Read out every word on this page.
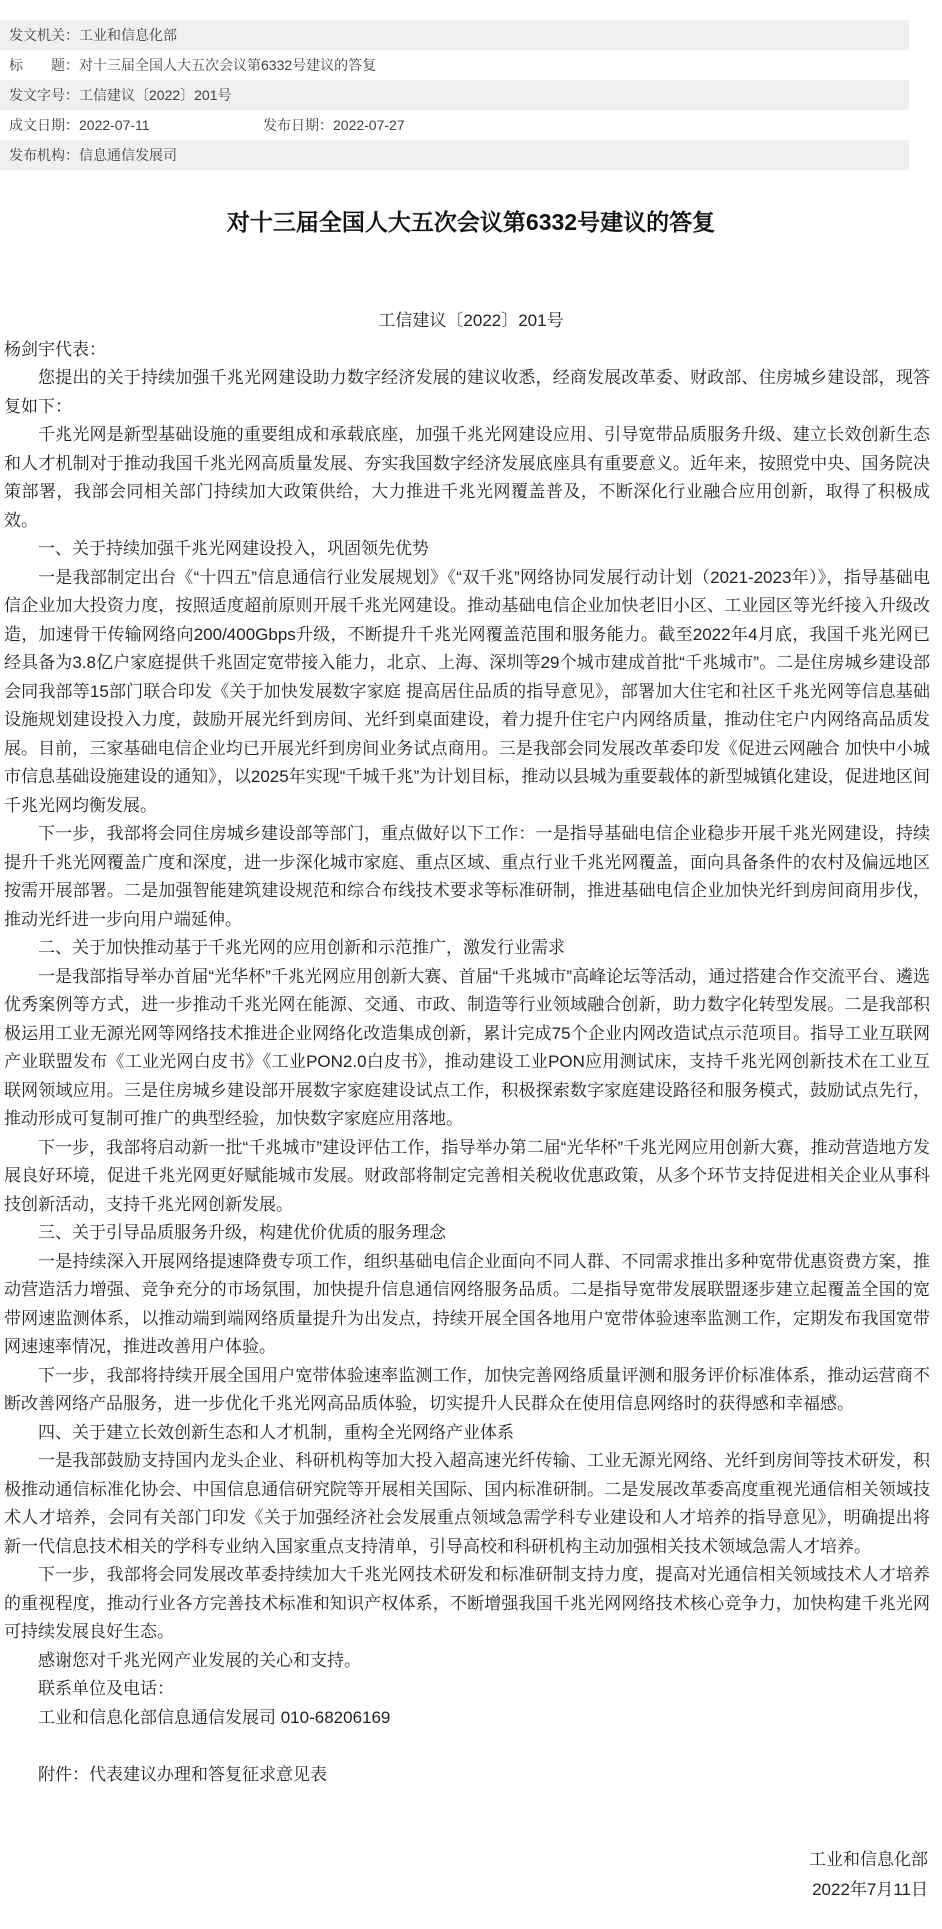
发文机关：工业和信息化部
标　　题：对十三届全国人大五次会议第6332号建议的答复
发文字号：工信建议〔2022〕201号
成文日期：2022-07-11	发布日期：2022-07-27
发布机构：信息通信发展司
对十三届全国人大五次会议第6332号建议的答复
工信建议〔2022〕201号

杨剑宇代表：

您提出的关于持续加强千兆光网建设助力数字经济发展的建议收悉，经商发展改革委、财政部、住房城乡建设部，现答复如下：

千兆光网是新型基础设施的重要组成和承载底座，加强千兆光网建设应用、引导宽带品质服务升级、建立长效创新生态和人才机制对于推动我国千兆光网高质量发展、夯实我国数字经济发展底座具有重要意义。近年来，按照党中央、国务院决策部署，我部会同相关部门持续加大政策供给，大力推进千兆光网覆盖普及，不断深化行业融合应用创新，取得了积极成效。

一、关于持续加强千兆光网建设投入，巩固领先优势

一是我部制定出台《“十四五”信息通信行业发展规划》《“双千兆”网络协同发展行动计划（2021-2023年）》，指导基础电信企业加大投资力度，按照适度超前原则开展千兆光网建设。推动基础电信企业加快老旧小区、工业园区等光纤接入升级改造，加速骨干传输网络向200/400Gbps升级，不断提升千兆光网覆盖范围和服务能力。截至2022年4月底，我国千兆光网已经具备为3.8亿户家庭提供千兆固定宽带接入能力，北京、上海、深圳等29个城市建成首批“千兆城市”。二是住房城乡建设部会同我部等15部门联合印发《关于加快发展数字家庭 提高居住品质的指导意见》，部署加大住宅和社区千兆光网等信息基础设施规划建设投入力度，鼓励开展光纤到房间、光纤到桌面建设，着力提升住宅户内网络质量，推动住宅户内网络高品质发展。目前，三家基础电信企业均已开展光纤到房间业务试点商用。三是我部会同发展改革委印发《促进云网融合 加快中小城市信息基础设施建设的通知》，以2025年实现“千城千兆”为计划目标，推动以县城为重要载体的新型城镇化建设，促进地区间千兆光网均衡发展。

下一步，我部将会同住房城乡建设部等部门，重点做好以下工作：一是指导基础电信企业稳步开展千兆光网建设，持续提升千兆光网覆盖广度和深度，进一步深化城市家庭、重点区域、重点行业千兆光网覆盖，面向具备条件的农村及偏远地区按需开展部署。二是加强智能建筑建设规范和综合布线技术要求等标准研制，推进基础电信企业加快光纤到房间商用步伐，推动光纤进一步向用户端延伸。

二、关于加快推动基于千兆光网的应用创新和示范推广，激发行业需求

一是我部指导举办首届“光华杯”千兆光网应用创新大赛、首届“千兆城市”高峰论坛等活动，通过搭建合作交流平台、遴选优秀案例等方式，进一步推动千兆光网在能源、交通、市政、制造等行业领域融合创新，助力数字化转型发展。二是我部积极运用工业无源光网等网络技术推进企业网络化改造集成创新，累计完成75个企业内网改造试点示范项目。指导工业互联网产业联盟发布《工业光网白皮书》《工业PON2.0白皮书》，推动建设工业PON应用测试床，支持千兆光网创新技术在工业互联网领域应用。三是住房城乡建设部开展数字家庭建设试点工作，积极探索数字家庭建设路径和服务模式，鼓励试点先行，推动形成可复制可推广的典型经验，加快数字家庭应用落地。

下一步，我部将启动新一批“千兆城市”建设评估工作，指导举办第二届“光华杯”千兆光网应用创新大赛，推动营造地方发展良好环境，促进千兆光网更好赋能城市发展。财政部将制定完善相关税收优惠政策，从多个环节支持促进相关企业从事科技创新活动，支持千兆光网创新发展。

三、关于引导品质服务升级，构建优价优质的服务理念

一是持续深入开展网络提速降费专项工作，组织基础电信企业面向不同人群、不同需求推出多种宽带优惠资费方案，推动营造活力增强、竞争充分的市场氛围，加快提升信息通信网络服务品质。二是指导宽带发展联盟逐步建立起覆盖全国的宽带网速监测体系，以推动端到端网络质量提升为出发点，持续开展全国各地用户宽带体验速率监测工作，定期发布我国宽带网速速率情况，推进改善用户体验。

下一步，我部将持续开展全国用户宽带体验速率监测工作，加快完善网络质量评测和服务评价标准体系，推动运营商不断改善网络产品服务，进一步优化千兆光网高品质体验，切实提升人民群众在使用信息网络时的获得感和幸福感。

四、关于建立长效创新生态和人才机制，重构全光网络产业体系

一是我部鼓励支持国内龙头企业、科研机构等加大投入超高速光纤传输、工业无源光网络、光纤到房间等技术研发，积极推动通信标准化协会、中国信息通信研究院等开展相关国际、国内标准研制。二是发展改革委高度重视光通信相关领域技术人才培养，会同有关部门印发《关于加强经济社会发展重点领域急需学科专业建设和人才培养的指导意见》，明确提出将新一代信息技术相关的学科专业纳入国家重点支持清单，引导高校和科研机构主动加强相关技术领域急需人才培养。

下一步，我部将会同发展改革委持续加大千兆光网技术研发和标准研制支持力度，提高对光通信相关领域技术人才培养的重视程度，推动行业各方完善技术标准和知识产权体系，不断增强我国千兆光网网络技术核心竞争力，加快构建千兆光网可持续发展良好生态。

感谢您对千兆光网产业发展的关心和支持。

联系单位及电话：

工业和信息化部信息通信发展司 010-68206169

附件：代表建议办理和答复征求意见表

工业和信息化部
2022年7月11日
